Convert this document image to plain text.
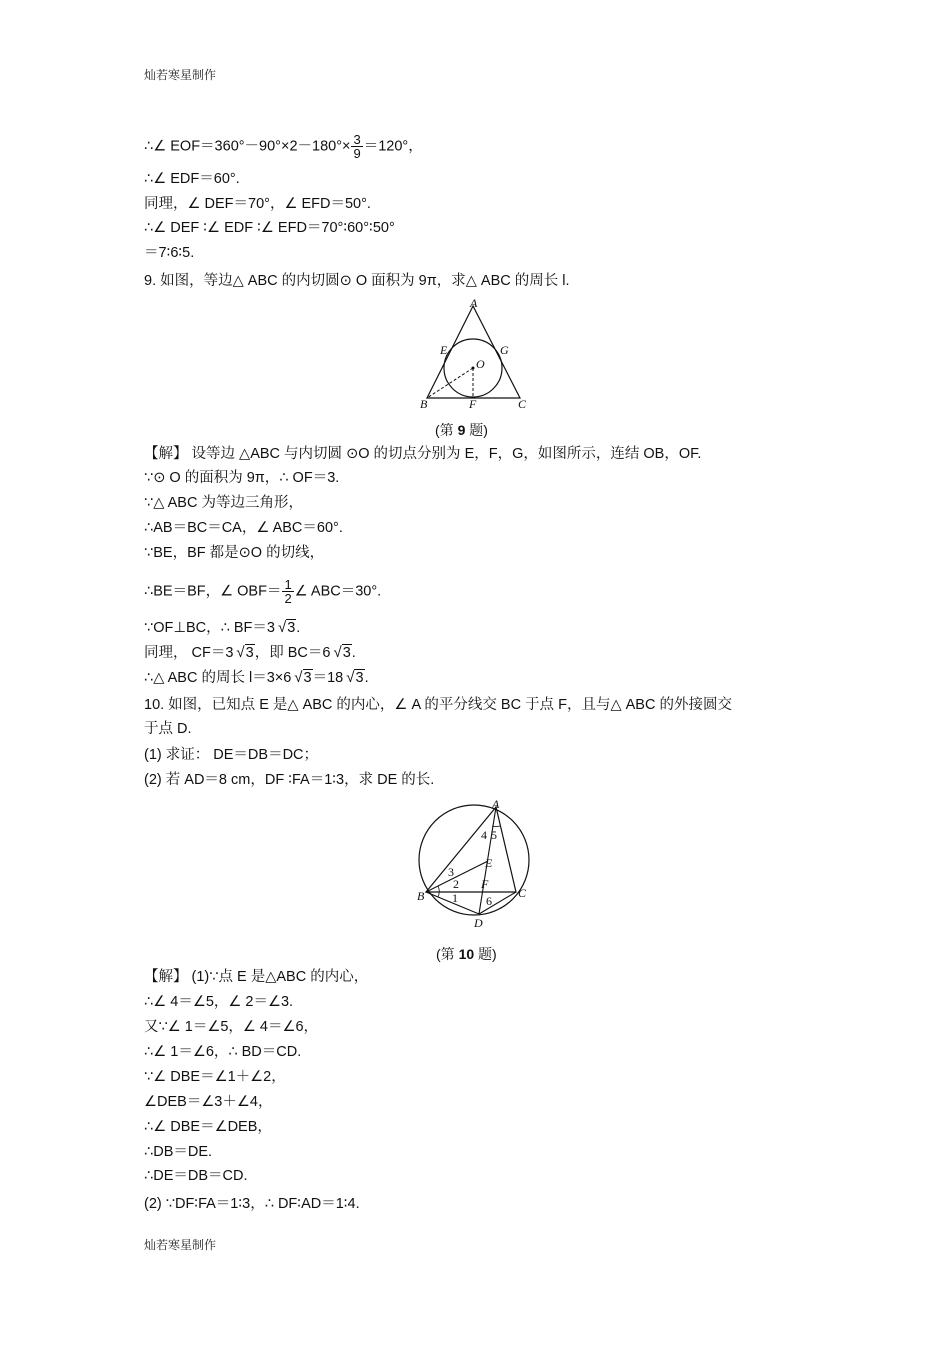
灿若寒星制作
∴∠ $EOF=360^\circ-90^\circ\times 2-180^\circ\times \frac{3}{9} =120^\circ$，
∴∠ EDF＝60°.
同理，∠ DEF＝70°，∠ EFD＝50°.
∴∠ DEF ∶∠ EDF ∶∠ EFD＝70°∶60°∶50°
＝7∶6∶5.
9. 如图，等边△ ABC 的内切圆⊙ O 面积为 9π，求△ ABC 的周长 l.
A
B	C
E
F
G
O
(第 9 题)
【解】 设等边 △ABC 与内切圆 ⊙O 的切点分别为 E，F，G，如图所示，连结 OB，OF.
∵⊙ O 的面积为 9π，∴ OF＝3.
∵△ ABC 为等边三角形，
∴AB＝BC＝CA，∠ ABC＝60°.
∵BE，BF 都是⊙O 的切线，
∴BE＝BF，∠ $OBF= \frac{1}{2}$ ∠ ABC＝30°.
∵OF⊥BC，∴ BF＝3 √3.
同理， CF＝3 √3，即 BC＝6 √3.
∴△ ABC 的周长 l＝3×6 √3＝18 √3.
10. 如图，已知点 E 是△ ABC 的内心，∠ A 的平分线交 BC 于点 F，且与△ ABC 的外接圆交
于点 D.
(1) 求证： DE＝DB＝DC；
(2) 若 AD＝8 cm，DF ∶FA＝1∶3，求 DE 的长.
A
B	C
D
E
F
1
2
3
4 5
6
(第 10 题)
【解】 (1)∵点 E 是△ABC 的内心，
∴∠ 4＝∠5，∠ 2＝∠3.
又∵∠ 1＝∠5，∠ 4＝∠6，
∴∠ 1＝∠6，∴ BD＝CD.
∵∠ DBE＝∠1＋∠2，
∠DEB＝∠3＋∠4，
∴∠ DBE＝∠DEB，
∴DB＝DE.
∴DE＝DB＝CD.
(2) ∵DF∶FA＝1∶3，∴ DF∶AD＝1∶4.
灿若寒星制作
